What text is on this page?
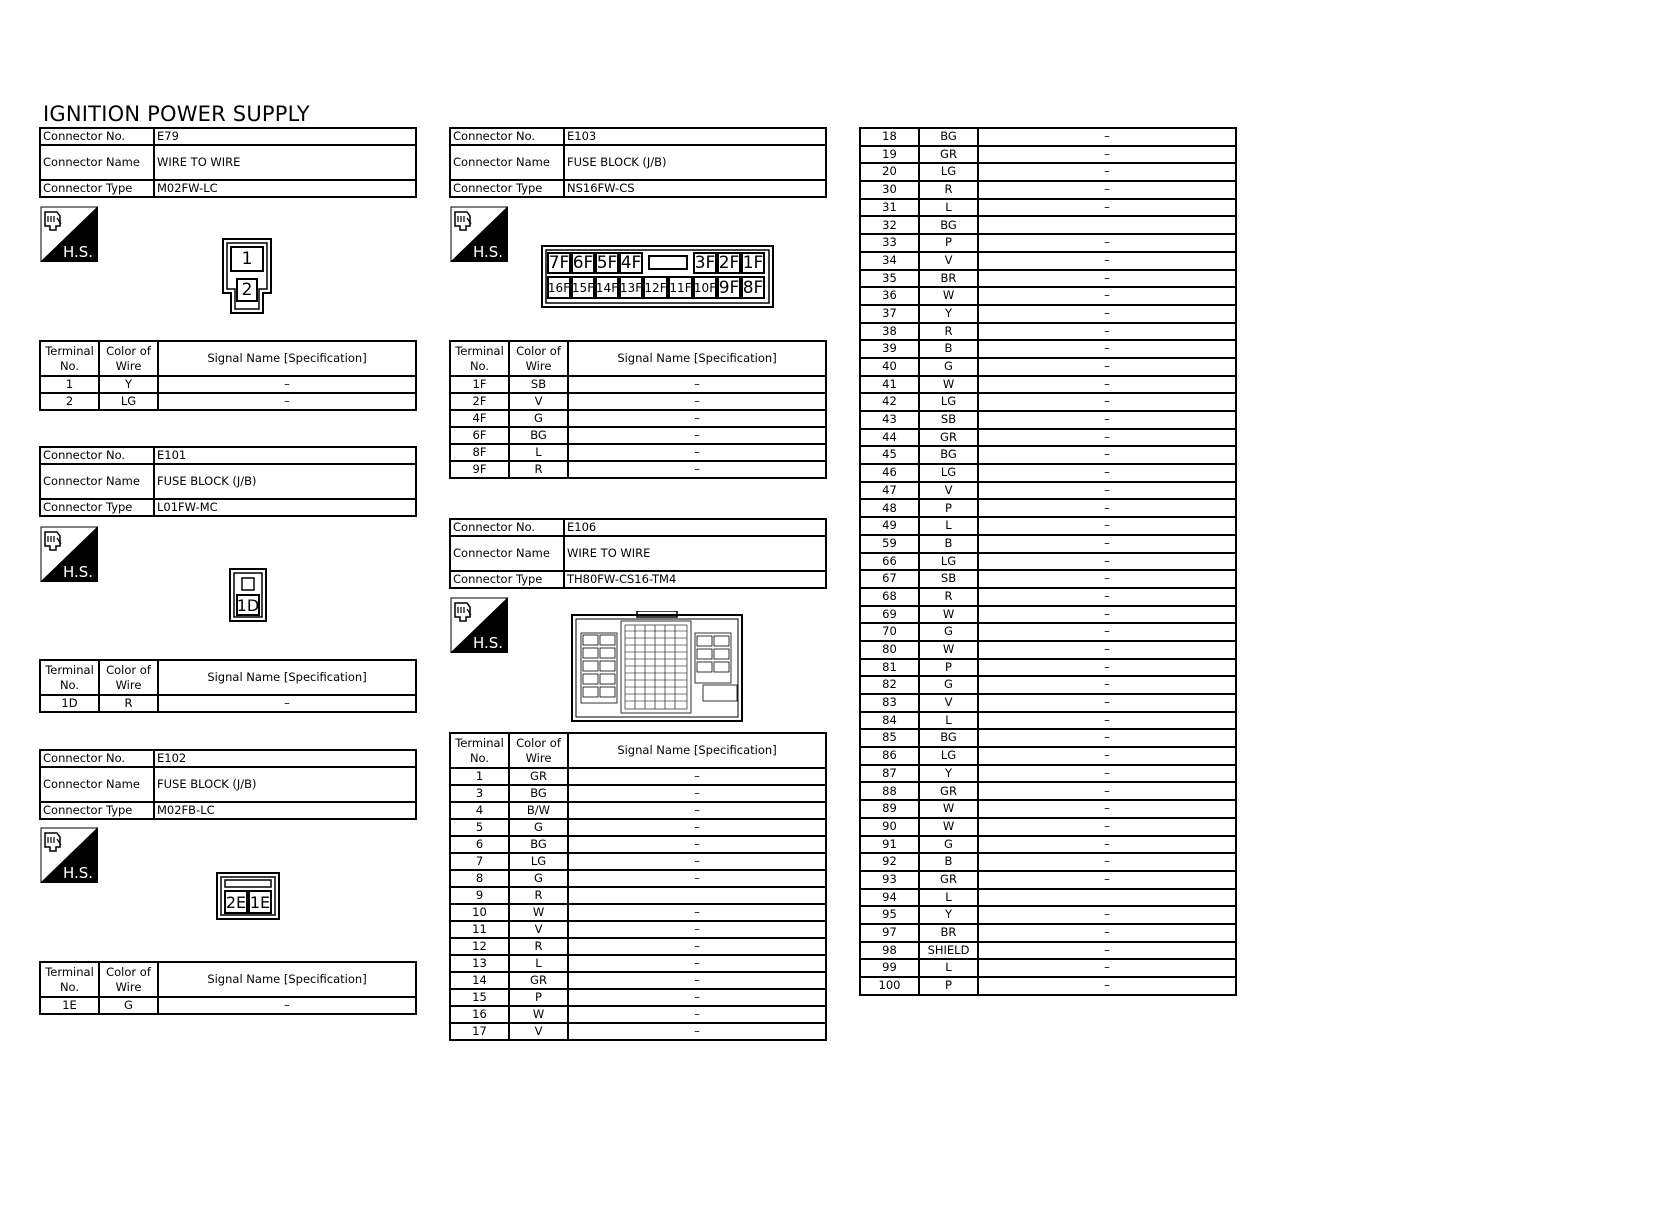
IGNITION POWER SUPPLY
Connector No.	E79
Connector Name	WIRE TO WIRE
Connector Type	M02FW-LC
H.S.	1
2
Terminal No.	Color of Wire	Signal Name [Specification]
1	Y	–
2	LG	–
Connector No.	E101
Connector Name	FUSE BLOCK (J/B)
Connector Type	L01FW-MC
H.S.
1D
Terminal No.	Color of Wire	Signal Name [Specification]
1D	R	–
Connector No.	E102
Connector Name	FUSE BLOCK (J/B)
Connector Type	M02FB-LC
H.S.
2E 1E
Terminal No.	Color of Wire	Signal Name [Specification]
1E	G	–
Connector No.	E103
Connector Name	FUSE BLOCK (J/B)
Connector Type	NS16FW-CS
H.S.
7F 6F 5F 4F	3F 2F 1F
16F 15F 14F 13F 12F 11F 10F 9F 8F
Terminal No.	Color of Wire	Signal Name [Specification]
1F	SB	–
2F	V	–
4F	G	–
6F	BG	–
8F	L	–
9F	R	–
Connector No.	E106
Connector Name	WIRE TO WIRE
Connector Type	TH80FW-CS16-TM4
H.S.
Terminal No.	Color of Wire	Signal Name [Specification]
1	GR	–
3	BG	–
4	B/W	–
5	G	–
6	BG	–
7	LG	–
8	G	–
9	R	
10	W	–
11	V	–
12	R	–
13	L	–
14	GR	–
15	P	–
16	W	–
17	V	–
18	BG	–
19	GR	–
20	LG	–
30	R	–
31	L	–
32	BG	
33	P	–
34	V	–
35	BR	–
36	W	–
37	Y	–
38	R	–
39	B	–
40	G	–
41	W	–
42	LG	–
43	SB	–
44	GR	–
45	BG	–
46	LG	–
47	V	–
48	P	–
49	L	–
59	B	–
66	LG	–
67	SB	–
68	R	–
69	W	–
70	G	–
80	W	–
81	P	–
82	G	–
83	V	–
84	L	–
85	BG	–
86	LG	–
87	Y	–
88	GR	–
89	W	–
90	W	–
91	G	–
92	B	–
93	GR	–
94	L	
95	Y	–
97	BR	–
98	SHIELD	–
99	L	–
100	P	–
